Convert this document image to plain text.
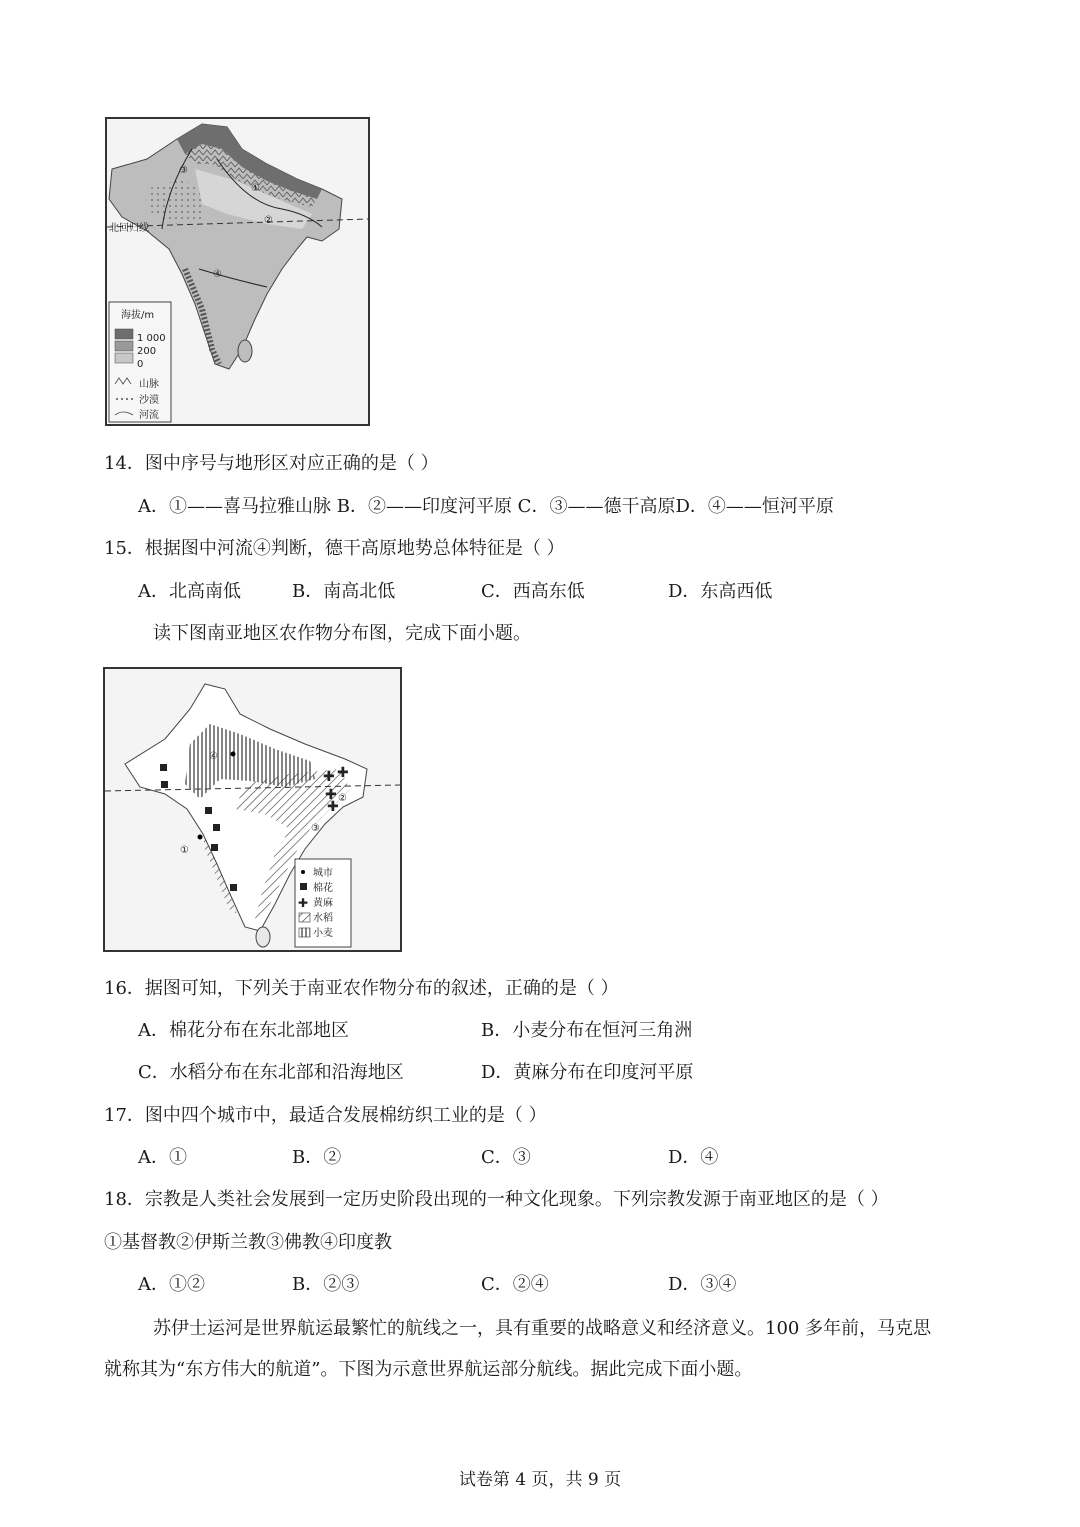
北回归线
①
②
③
④
海拔/m
1 000
200
0
山脉
沙漠
河流
14．图中序号与地形区对应正确的是（ ）
A．①——喜马拉雅山脉 B．②——印度河平原 C．③——德干高原D．④——恒河平原
15．根据图中河流④判断，德干高原地势总体特征是（ ）
A．北高南低	B．南高北低	C．西高东低	D．东高西低
读下图南亚地区农作物分布图，完成下面小题。
✚ ✚
✚
✚
④
①
②
③
城市
棉花
✚ 黄麻
水稻
小麦
16．据图可知，下列关于南亚农作物分布的叙述，正确的是（ ）
A．棉花分布在东北部地区	B．小麦分布在恒河三角洲
C．水稻分布在东北部和沿海地区	D．黄麻分布在印度河平原
17．图中四个城市中，最适合发展棉纺织工业的是（ ）
A．①	B．②	C．③	D．④
18．宗教是人类社会发展到一定历史阶段出现的一种文化现象。下列宗教发源于南亚地区的是（ ）
①基督教②伊斯兰教③佛教④印度教
A．①②	B．②③	C．②④	D．③④
苏伊士运河是世界航运最繁忙的航线之一，具有重要的战略意义和经济意义。100 多年前，马克思
就称其为“东方伟大的航道”。下图为示意世界航运部分航线。据此完成下面小题。
试卷第 4 页，共 9 页
